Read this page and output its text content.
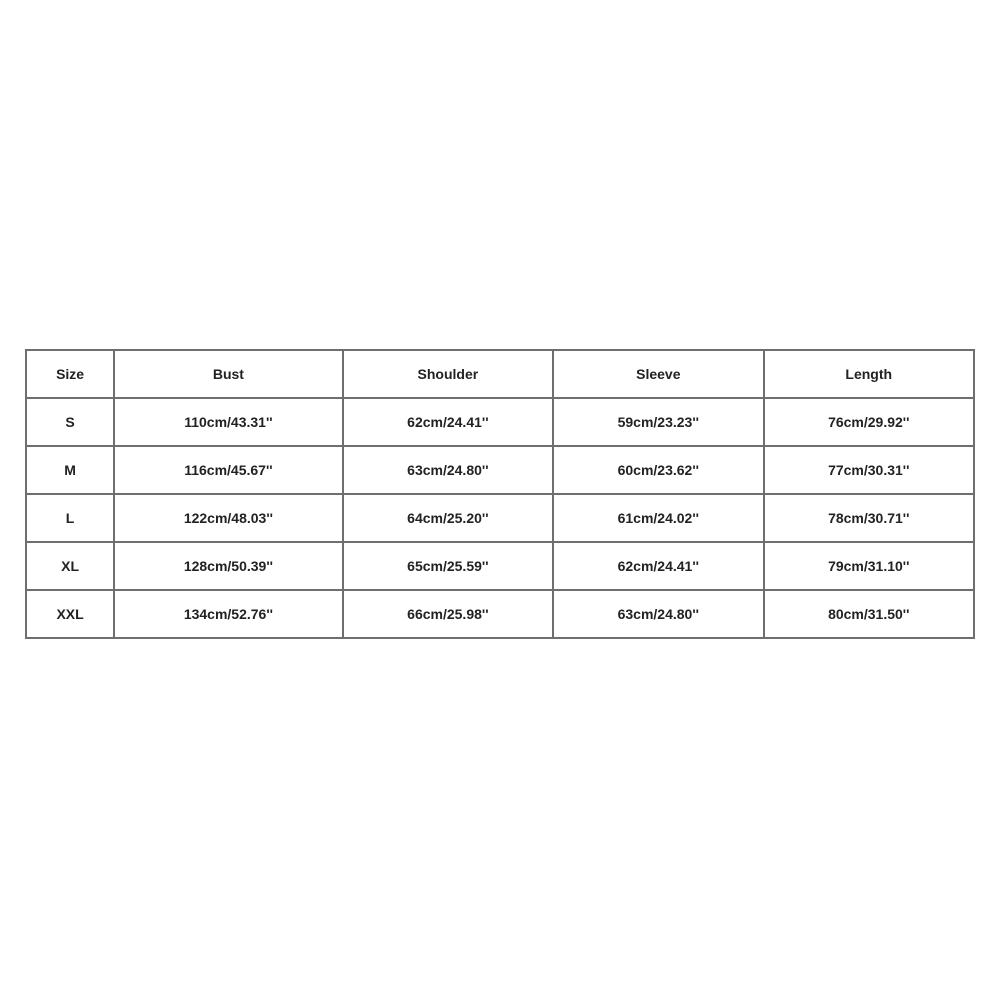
Size	Bust	Shoulder	Sleeve	Length
S	110cm/43.31''	62cm/24.41''	59cm/23.23''	76cm/29.92''
M	116cm/45.67''	63cm/24.80''	60cm/23.62''	77cm/30.31''
L	122cm/48.03''	64cm/25.20''	61cm/24.02''	78cm/30.71''
XL	128cm/50.39''	65cm/25.59''	62cm/24.41''	79cm/31.10''
XXL	134cm/52.76''	66cm/25.98''	63cm/24.80''	80cm/31.50''
